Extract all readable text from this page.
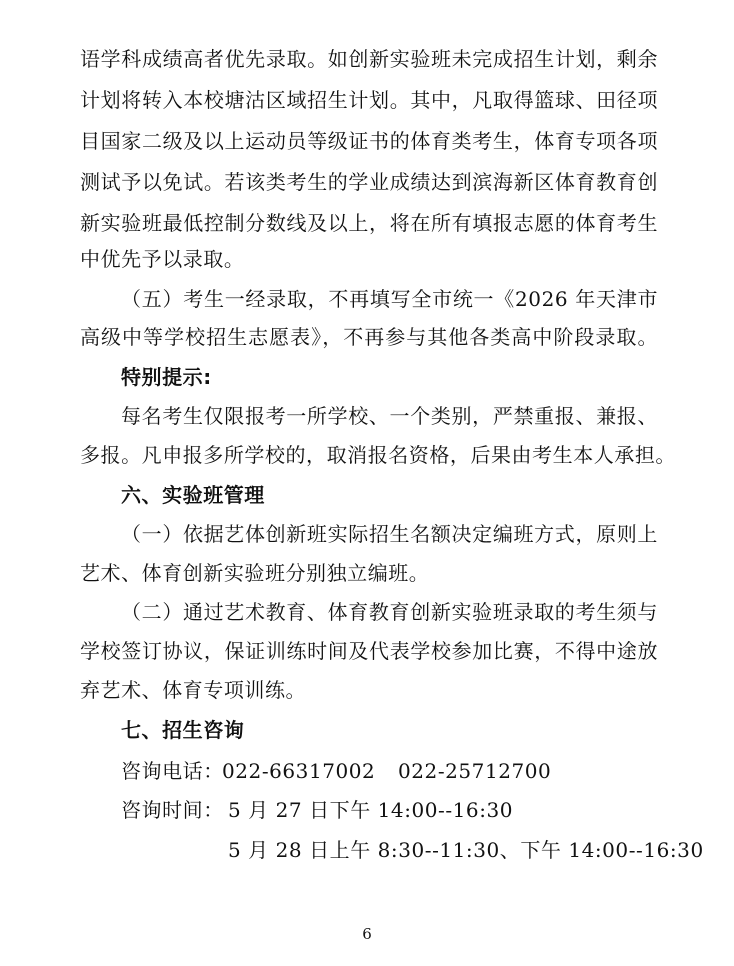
语学科成绩高者优先录取。如创新实验班未完成招生计划，剩余
计划将转入本校塘沽区域招生计划。其中，凡取得篮球、田径项
目国家二级及以上运动员等级证书的体育类考生，体育专项各项
测试予以免试。若该类考生的学业成绩达到滨海新区体育教育创
新实验班最低控制分数线及以上，将在所有填报志愿的体育考生
中优先予以录取。
（五）考生一经录取，不再填写全市统一《2026 年天津市
高级中等学校招生志愿表》，不再参与其他各类高中阶段录取。
特别提示:
每名考生仅限报考一所学校、一个类别，严禁重报、兼报、
多报。凡申报多所学校的，取消报名资格，后果由考生本人承担。
六、实验班管理
（一）依据艺体创新班实际招生名额决定编班方式，原则上
艺术、体育创新实验班分别独立编班。
（二）通过艺术教育、体育教育创新实验班录取的考生须与
学校签订协议，保证训练时间及代表学校参加比赛，不得中途放
弃艺术、体育专项训练。
七、招生咨询
咨询电话：
022-66317002 022-25712700
咨询时间： 5 月 27 日下午 14:00--16:30
5 月 28 日上午 8:30--11:30、下午 14:00--16:30
6
